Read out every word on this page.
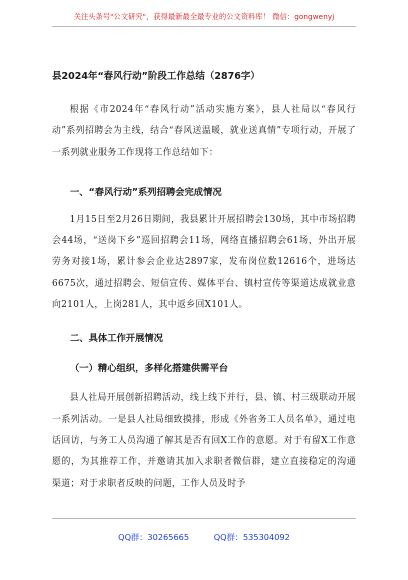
关注头条号"公文研究"，获得最新最全最专业的公文资料库！ 微信：gongwenyj

县2024年“春风行动”阶段工作总结（2876字）

根据《市2024年“春风行动”活动实施方案》，县人社局以“春风行动”系列招聘会为主线，结合“春风送温暖，就业送真情”专项行动，开展了一系列就业服务工作现将工作总结如下：

一、“春风行动”系列招聘会完成情况

1月15日至2月26日期间，我县累计开展招聘会130场，其中市场招聘会44场，“送岗下乡”巡回招聘会11场，网络直播招聘会61场，外出开展劳务对接1场，累计参会企业达2897家，发布岗位数12616个，进场达6675次，通过招聘会、短信宣传、媒体平台、镇村宣传等渠道达成就业意向2101人，上岗281人，其中返乡回X101人。

二、具体工作开展情况

（一）精心组织，多样化搭建供需平台

县人社局开展创新招聘活动，线上线下并行，县、镇、村三级联动开展一系列活动。一是县人社局细致摸排，形成《外省务工人员名单》，通过电话回访，与务工人员沟通了解其是否有回X工作的意愿。对于有留X工作意愿的，为其推荐工作，并邀请其加入求职者微信群，建立直接稳定的沟通渠道；对于求职者反映的问题，工作人员及时予

QQ群：30265665	QQ群：535304092
